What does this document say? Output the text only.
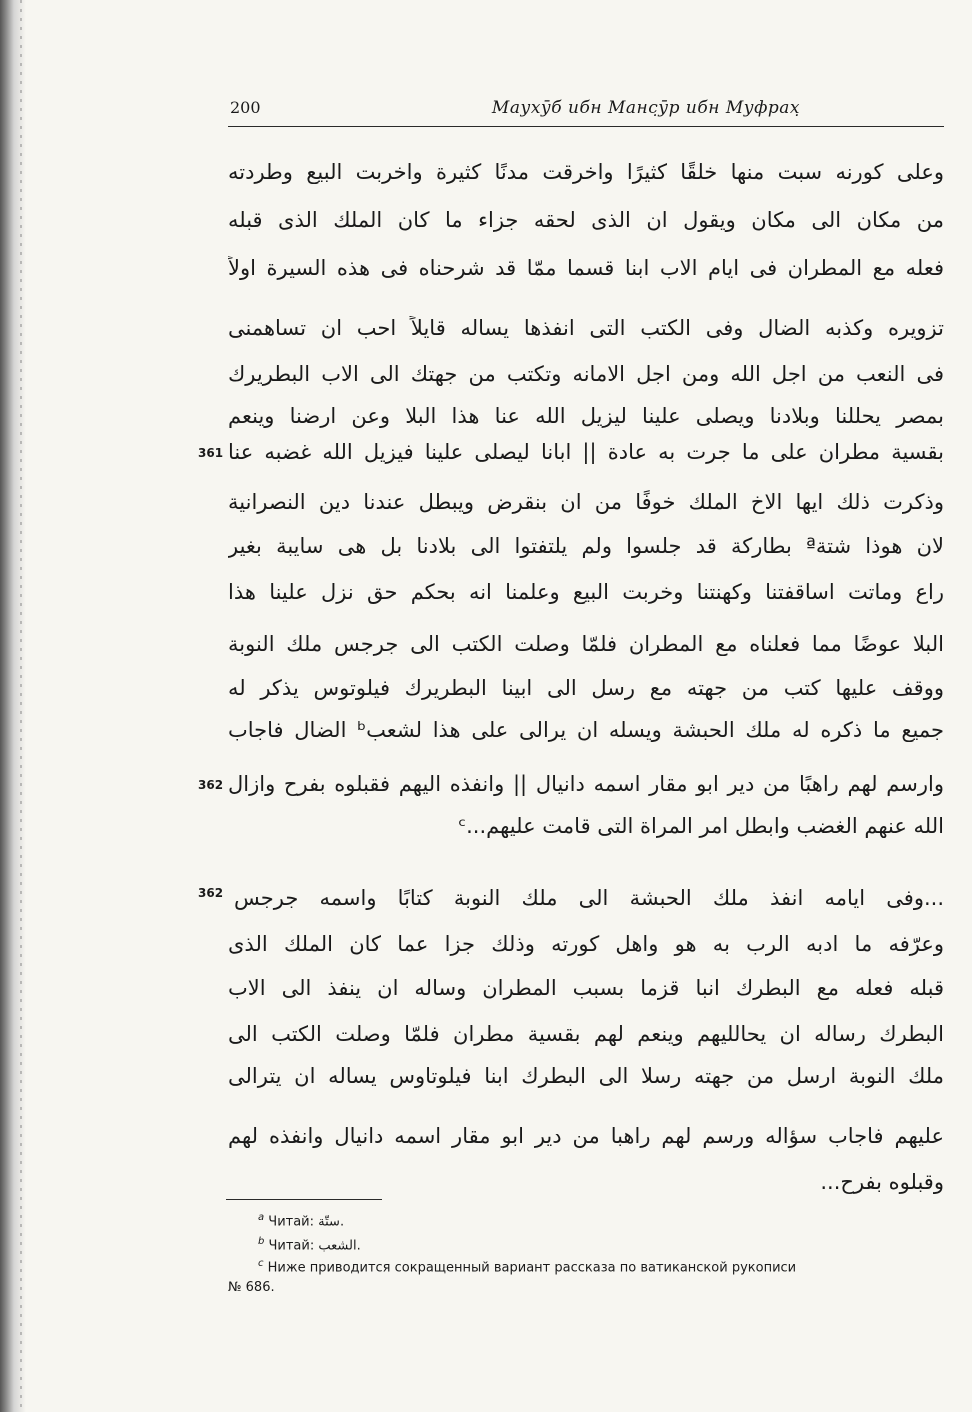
200	Маухӯб ибн Манс̣ӯр ибн Муфрах̣
وعلى كورنه سبت منها خلقًا كثيرًا واخرقت مدنًا كثيرة واخربت البيع وطردته
من مكان الى مكان ويقول ان الذى لحقه جزاء ما كان الملك الذى قبله
فعله مع المطران فى ايام الاب ابنا قسما ممّا قد شرحناه فى هذه السيرة اولاً
تزويره وكذبه الضال وفى الكتب التى انفذها يساله قايلاً احب ان تساهمنى
فى النعب من اجل الله ومن اجل الامانه وتكتب من جهتك الى الاب البطريرك
بمصر يحللنا وبلادنا ويصلى علينا ليزيل الله عنا هذا البلا وعن ارضنا وينعم
بقسية مطران على ما جرت به عادة || ابانا ليصلى علينا فيزيل الله غضبه عنا
361
وذكرت ذلك ايها الاخ الملك خوفًا من ان بنقرض ويبطل عندنا دين النصرانية
لان هوذا شتةª بطاركة قد جلسوا ولم يلتفتوا الى بلادنا بل هى سايبة بغير
راع وماتت اساقفتنا وكهنتنا وخربت البيع وعلمنا انه بحكم حق نزل علينا هذا
البلا عوضًا مما فعلناه مع المطران فلمّا وصلت الكتب الى جرجس ملك النوبة
ووقف عليها كتب من جهته مع رسل الى ابينا البطريرك فيلوتوس يذكر له
جميع ما ذكره له ملك الحبشة ويسله ان يرالى على هذا لشعبᵇ الضال فاجاب
وارسم لهم راهبًا من دير ابو مقار اسمه دانيال || وانفذه اليهم فقبلوه بفرح وازال
362
الله عنهم الغضب وابطل امر المراة التى قامت عليهم...ᶜ
...وفى ايامه انفذ ملك الحبشة الى ملك النوبة كتابًا واسمه جرجس
362
وعرّفه ما ادبه الرب به هو واهل كورته وذلك جزا عما كان الملك الذى
قبله فعله مع البطرك انبا قزما بسبب المطران وساله ان ينفذ الى الاب
البطرك رساله ان يحالليهم وينعم لهم بقسية مطران فلمّا وصلت الكتب الى
ملك النوبة ارسل من جهته رسلا الى البطرك ابنا فيلوتاوس يساله ان يترالى
عليهم فاجاب سؤاله ورسم لهم راهبا من دير ابو مقار اسمه دانيال وانفذه لهم
وقبلوه بفرح...
$^a$ Читай: ستّة.
$^b$ Читай: الشعب.
$^c$ Ниже приводится сокращенный вариант рассказа по ватиканской рукописи
№ 686.
